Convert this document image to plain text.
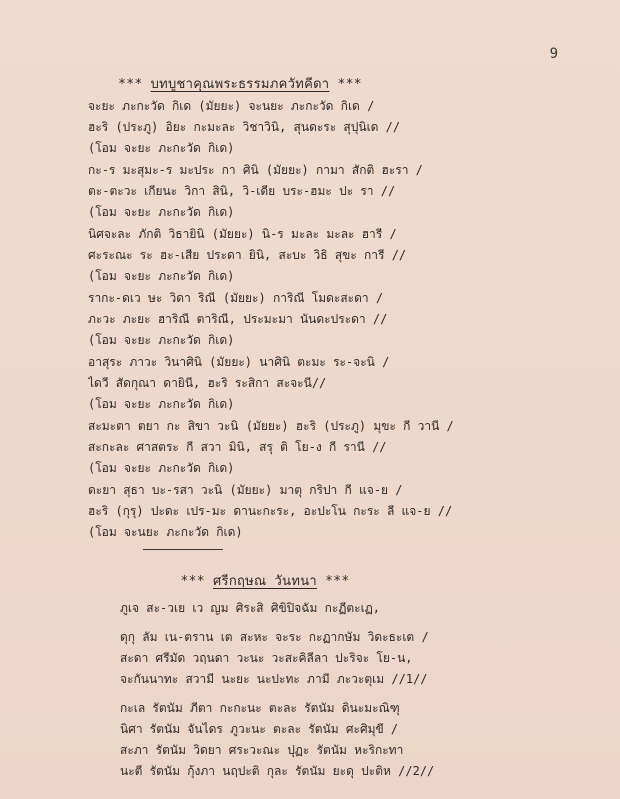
9
*** บทบูชาคุณพระธรรมภควัทคีดา ***
จะยะ ภะกะวัด กิเด (มัยยะ) จะนยะ ภะกะวัด กิเด /
ฮะริ (ประภู) อิยะ กะมะละ วิชาวินิ, สุนดะระ สุปุนิเด //
(โอม จะยะ ภะกะวัด กิเด)
กะ-ร มะสุมะ-ร มะประ กา ศินิ (มัยยะ) กามา สักติ ฮะรา /
ตะ-ตะวะ เกียนะ วิกา สินิ, วิ-เดีย บระ-ฮมะ ปะ รา //
(โอม จะยะ ภะกะวัด กิเด)
นิศจะละ ภักติ วิธายินิ (มัยยะ) นิ-ร มะละ มะละ ฮารี /
ศะระณะ ระ ฮะ-เสีย ประดา ยินิ, สะบะ วิธิ สุขะ การี //
(โอม จะยะ ภะกะวัด กิเด)
รากะ-ดเว ษะ วิดา ริณี (มัยยะ) การิณี โมดะสะดา /
ภะวะ ภะยะ ฮาริณี ตาริณี, ประมะมา นันดะประดา //
(โอม จะยะ ภะกะวัด กิเด)
อาสุระ ภาวะ วินาศินิ (มัยยะ) นาศินิ ตะมะ ระ-จะนิ /
ไดวี สัดกุณา ดายินี, ฮะริ ระสิกา สะจะนี//
(โอม จะยะ ภะกะวัด กิเด)
สะมะตา ตยา กะ สิขา วะนิ (มัยยะ) ฮะริ (ประภู) มุขะ กี วานี /
สะกะละ ศาสตระ กี สวา มินิ, สรุ ติ โย-ง กี รานี //
(โอม จะยะ ภะกะวัด กิเด)
ดะยา สุธา บะ-รสา วะนิ (มัยยะ) มาตุ กริปา กี แจ-ย /
ฮะริ (กุรุ) ปะดะ เปร-มะ ดานะกะระ, อะปะโน กะระ ลี แจ-ย //
(โอม จะนยะ ภะกะวัด กิเด)
*** ศรีกฤษณ วันทนา ***
ภูเจ สะ-วเย เว ญม ศิระสิ ศิขิปิจฉัม กะฏีตะเฏ,
ดุกุ ลัม เน-ตราน เต สะหะ จะระ กะฏากษัม วิดะธะเต /
สะดา ศรีมัด วฤนดา วะนะ วะสะคิลีลา ปะริจะ โย-น,
จะกันนาทะ สวามี นะยะ นะปะทะ ภามี ภะวะตุเม //1//
กะเล รัตนัม ภีตา กะกะนะ ตะละ รัตนัม ดินะมะณิฑุ
นิศา รัตนัม จันไดร ภูวะนะ ตะละ รัตนัม ศะศิมุขี /
สะภา รัตนัม วิดยา ศระวะณะ ปุฏะ รัตนัม หะริกะทา
นะตี รัตนัม กุ้งภา นฤปะติ กุละ รัตนัม ยะดุ ปะติห //2//
